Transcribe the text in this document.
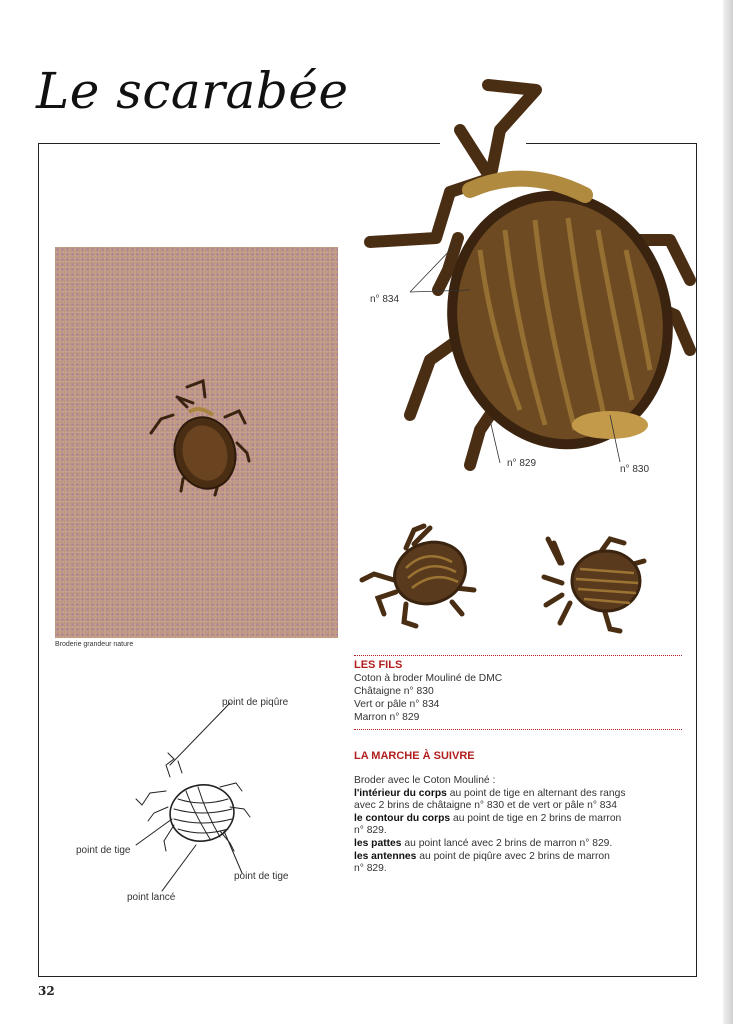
Le scarabée
Broderie grandeur nature
n° 834
n° 829
n° 830
LES FILS
Coton à broder Mouliné de DMC
Châtaigne n° 830
Vert or pâle n° 834
Marron n° 829
LA MARCHE À SUIVRE
Broder avec le Coton Mouliné :
l'intérieur du corps au point de tige en alternant des rangs
avec 2 brins de châtaigne n° 830 et de vert or pâle n° 834
le contour du corps au point de tige en 2 brins de marron
n° 829.
les pattes au point lancé avec 2 brins de marron n° 829.
les antennes au point de piqûre avec 2 brins de marron
n° 829.
point de piqûre
point de tige
point de tige
point lancé
32
